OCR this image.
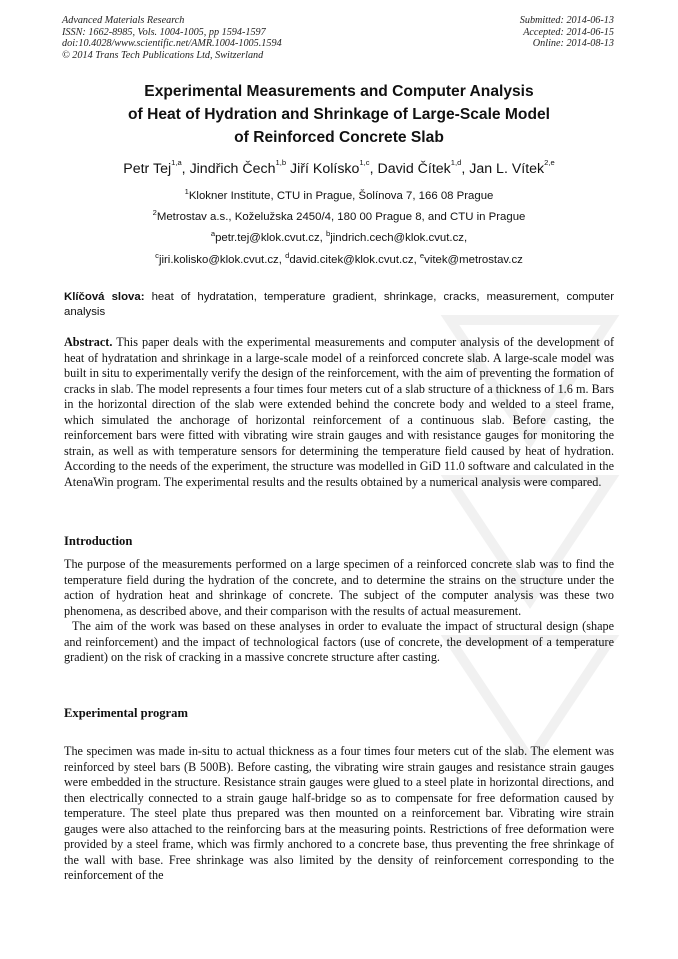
Advanced Materials Research
ISSN: 1662-8985, Vols. 1004-1005, pp 1594-1597
doi:10.4028/www.scientific.net/AMR.1004-1005.1594
© 2014 Trans Tech Publications Ltd, Switzerland
Submitted: 2014-06-13
Accepted: 2014-06-15
Online: 2014-08-13
Experimental Measurements and Computer Analysis
of Heat of Hydration and Shrinkage of Large-Scale Model
of Reinforced Concrete Slab
Petr Tej$^{1,a}$, Jindřich Čech$^{1,b}$ Jiří Kolísko$^{1,c}$, David Čítek$^{1,d}$, Jan L. Vítek$^{2,e}$
$^1$Klokner Institute, CTU in Prague, Šolínova 7, 166 08 Prague
$^2$Metrostav a.s., Koželužska 2450/4, 180 00 Prague 8, and CTU in Prague
$^a$petr.tej@klok.cvut.cz, $^b$jindrich.cech@klok.cvut.cz,
$^c$jiri.kolisko@klok.cvut.cz, $^d$david.citek@klok.cvut.cz, $^e$vitek@metrostav.cz
Klíčová slova: heat of hydratation, temperature gradient, shrinkage, cracks, measurement, computer analysis
Abstract. This paper deals with the experimental measurements and computer analysis of the development of heat of hydratation and shrinkage in a large-scale model of a reinforced concrete slab. A large-scale model was built in situ to experimentally verify the design of the reinforcement, with the aim of preventing the formation of cracks in slab. The model represents a four times four meters cut of a slab structure of a thickness of 1.6 m. Bars in the horizontal direction of the slab were extended behind the concrete body and welded to a steel frame, which simulated the anchorage of horizontal reinforcement of a continuous slab. Before casting, the reinforcement bars were fitted with vibrating wire strain gauges and with resistance gauges for monitoring the strain, as well as with temperature sensors for determining the temperature field caused by heat of hydration. According to the needs of the experiment, the structure was modelled in GiD 11.0 software and calculated in the AtenaWin program. The experimental results and the results obtained by a numerical analysis were compared.
Introduction

The purpose of the measurements performed on a large specimen of a reinforced concrete slab was to find the temperature field during the hydration of the concrete, and to determine the strains on the structure under the action of hydration heat and shrinkage of concrete. The subject of the computer analysis was these two phenomena, as described above, and their comparison with the results of actual measurement.

The aim of the work was based on these analyses in order to evaluate the impact of structural design (shape and reinforcement) and the impact of technological factors (use of concrete, the development of a temperature gradient) on the risk of cracking in a massive concrete structure after casting.

Experimental program

The specimen was made in-situ to actual thickness as a four times four meters cut of the slab. The element was reinforced by steel bars (B 500B). Before casting, the vibrating wire strain gauges and resistance strain gauges were embedded in the structure. Resistance strain gauges were glued to a steel plate in horizontal directions, and then electrically connected to a strain gauge half-bridge so as to compensate for free deformation caused by temperature. The steel plate thus prepared was then mounted on a reinforcement bar. Vibrating wire strain gauges were also attached to the reinforcing bars at the measuring points. Restrictions of free deformation were provided by a steel frame, which was firmly anchored to a concrete base, thus preventing the free shrinkage of the wall with base. Free shrinkage was also limited by the density of reinforcement corresponding to the reinforcement of the
